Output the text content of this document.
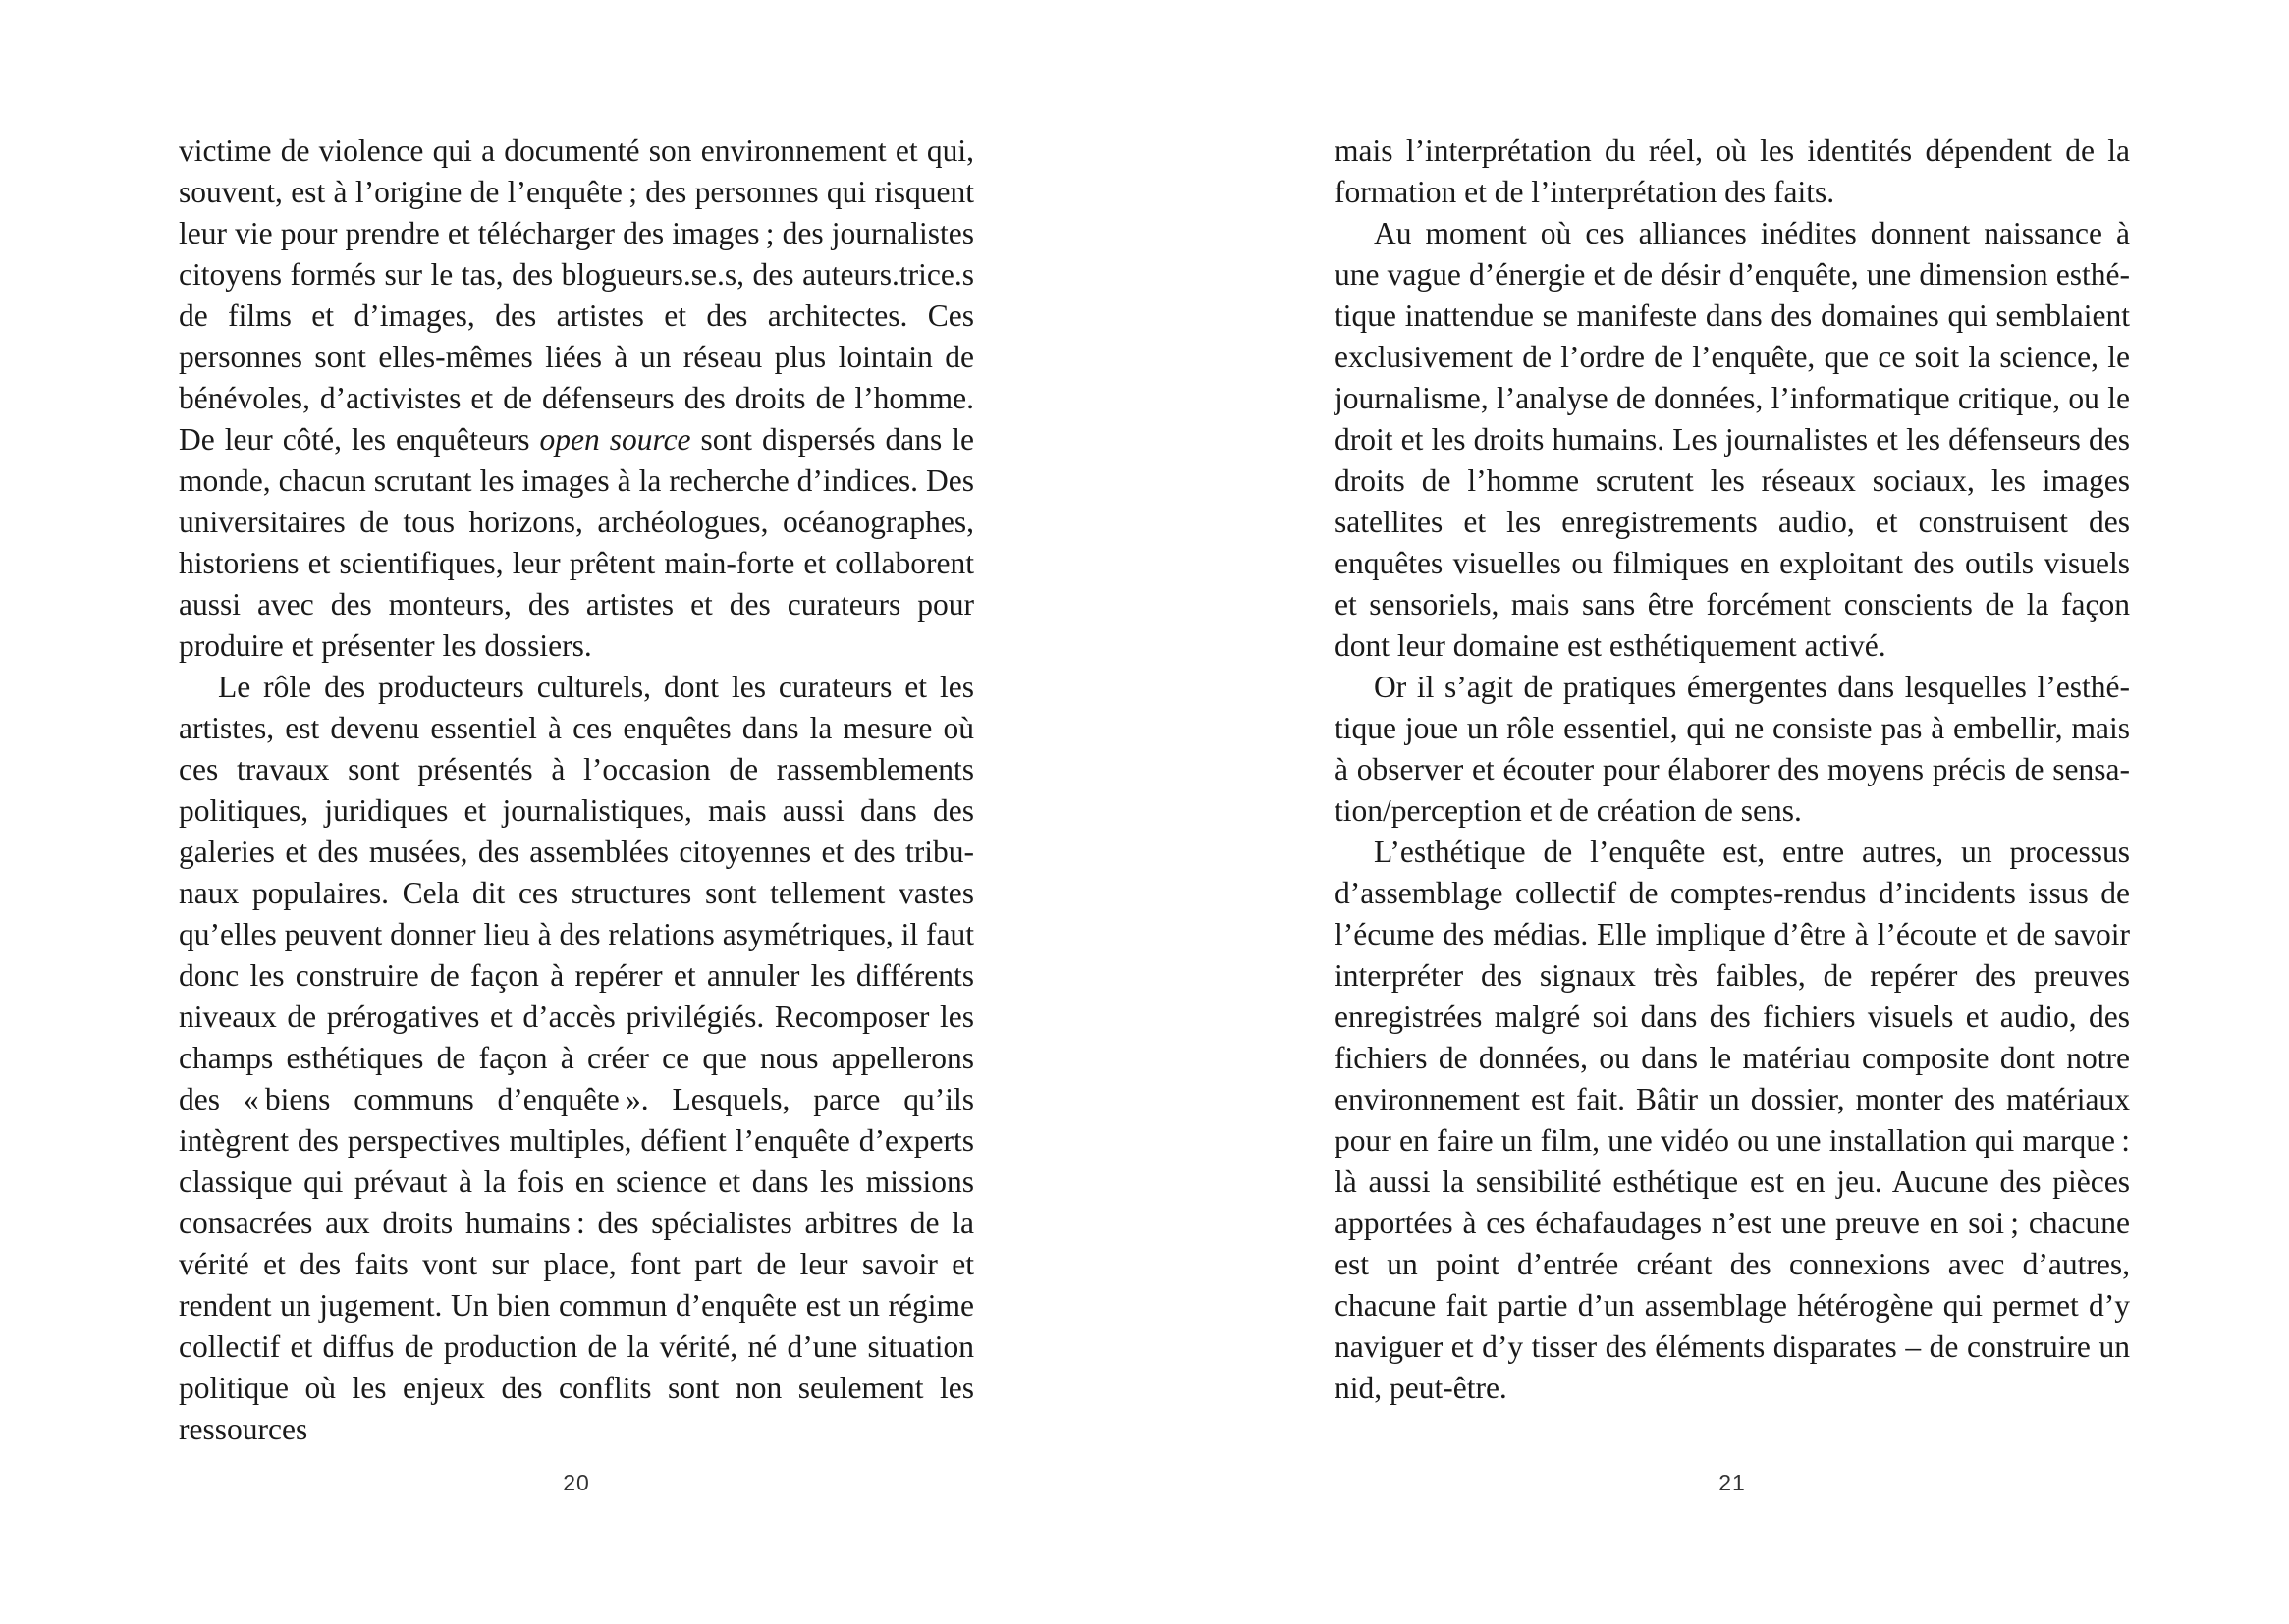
victime de violence qui a documenté son environnement et qui, souvent, est à l’origine de l’enquête ; des personnes qui risquent leur vie pour prendre et télécharger des images ; des journalistes citoyens formés sur le tas, des blogueurs.se.s, des auteurs.trice.s de films et d’images, des artistes et des architectes. Ces personnes sont elles-mêmes liées à un réseau plus lointain de bénévoles, d’activistes et de défenseurs des droits de l’homme. De leur côté, les enquêteurs open source sont dispersés dans le monde, chacun scrutant les images à la recherche d’indices. Des universitaires de tous horizons, archéologues, océanographes, historiens et scientifiques, leur prêtent main-forte et collaborent aussi avec des monteurs, des artistes et des curateurs pour produire et présenter les dossiers.

Le rôle des producteurs culturels, dont les curateurs et les artistes, est devenu essentiel à ces enquêtes dans la mesure où ces travaux sont présentés à l’occasion de rassemblements politiques, juridiques et journalistiques, mais aussi dans des galeries et des musées, des assemblées citoyennes et des tribunaux populaires. Cela dit ces structures sont tellement vastes qu’elles peuvent donner lieu à des relations asymétriques, il faut donc les construire de façon à repérer et annuler les différents niveaux de prérogatives et d’accès privilégiés. Recomposer les champs esthétiques de façon à créer ce que nous appellerons des « biens communs d’enquête ». Lesquels, parce qu’ils intègrent des perspectives multiples, défient l’enquête d’experts classique qui prévaut à la fois en science et dans les missions consacrées aux droits humains : des spécialistes arbitres de la vérité et des faits vont sur place, font part de leur savoir et rendent un jugement. Un bien commun d’enquête est un régime collectif et diffus de production de la vérité, né d’une situation politique où les enjeux des conflits sont non seulement les ressources

20

mais l’interprétation du réel, où les identités dépendent de la formation et de l’interprétation des faits.

Au moment où ces alliances inédites donnent naissance à une vague d’énergie et de désir d’enquête, une dimension esthétique inattendue se manifeste dans des domaines qui semblaient exclusivement de l’ordre de l’enquête, que ce soit la science, le journalisme, l’analyse de données, l’informatique critique, ou le droit et les droits humains. Les journalistes et les défenseurs des droits de l’homme scrutent les réseaux sociaux, les images satellites et les enregistrements audio, et construisent des enquêtes visuelles ou filmiques en exploitant des outils visuels et sensoriels, mais sans être forcément conscients de la façon dont leur domaine est esthétiquement activé.

Or il s’agit de pratiques émergentes dans lesquelles l’esthétique joue un rôle essentiel, qui ne consiste pas à embellir, mais à observer et écouter pour élaborer des moyens précis de sensation/perception et de création de sens.

L’esthétique de l’enquête est, entre autres, un processus d’assemblage collectif de comptes-rendus d’incidents issus de l’écume des médias. Elle implique d’être à l’écoute et de savoir interpréter des signaux très faibles, de repérer des preuves enregistrées malgré soi dans des fichiers visuels et audio, des fichiers de données, ou dans le matériau composite dont notre environnement est fait. Bâtir un dossier, monter des matériaux pour en faire un film, une vidéo ou une installation qui marque : là aussi la sensibilité esthétique est en jeu. Aucune des pièces apportées à ces échafaudages n’est une preuve en soi ; chacune est un point d’entrée créant des connexions avec d’autres, chacune fait partie d’un assemblage hétérogène qui permet d’y naviguer et d’y tisser des éléments disparates – de construire un nid, peut-être.

21
